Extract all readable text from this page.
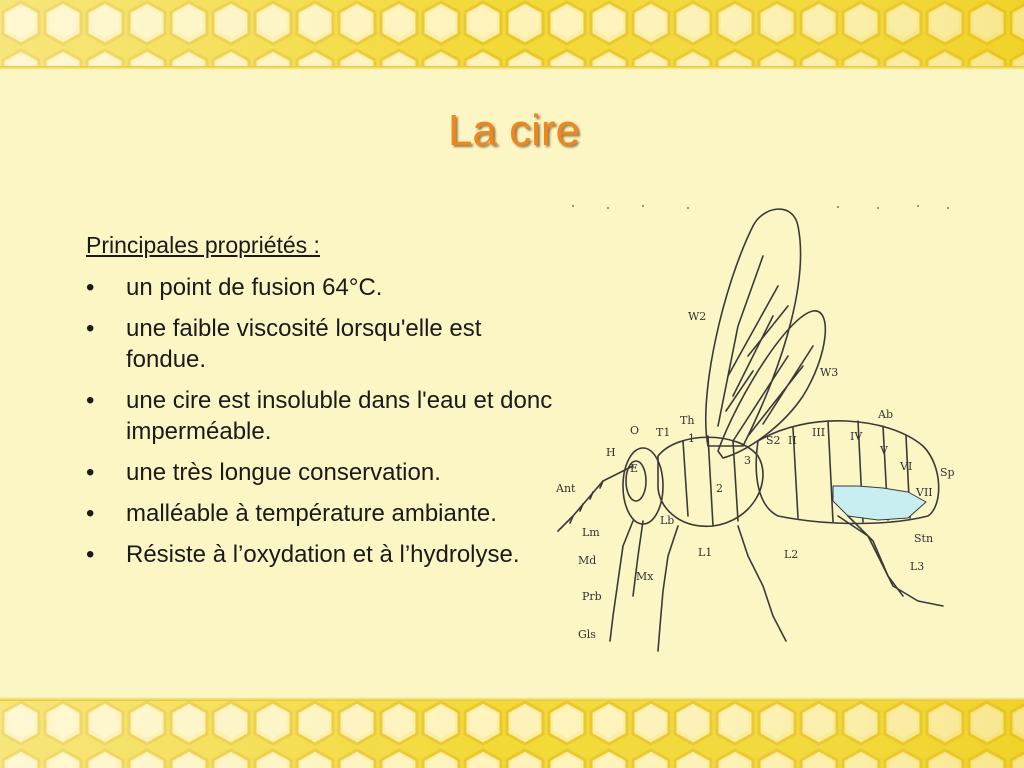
La cire
Principales propriétés :
•	un point de fusion 64°C.
•	une faible viscosité lorsqu'elle est fondue.
•	une cire est insoluble dans l'eau et donc imperméable.
•	une très longue conservation.
•	malléable à température ambiante.
•	Résiste à l’oxydation et à l’hydrolyse.
W2
W3
Ab
Th
O T1
H
E
S2 II
III IV
V
VI	Sp
VII
Ant
Lm
Md
Prb
Gls
Lb
L1	L2
L3
Mx
Stn
1
2
3
